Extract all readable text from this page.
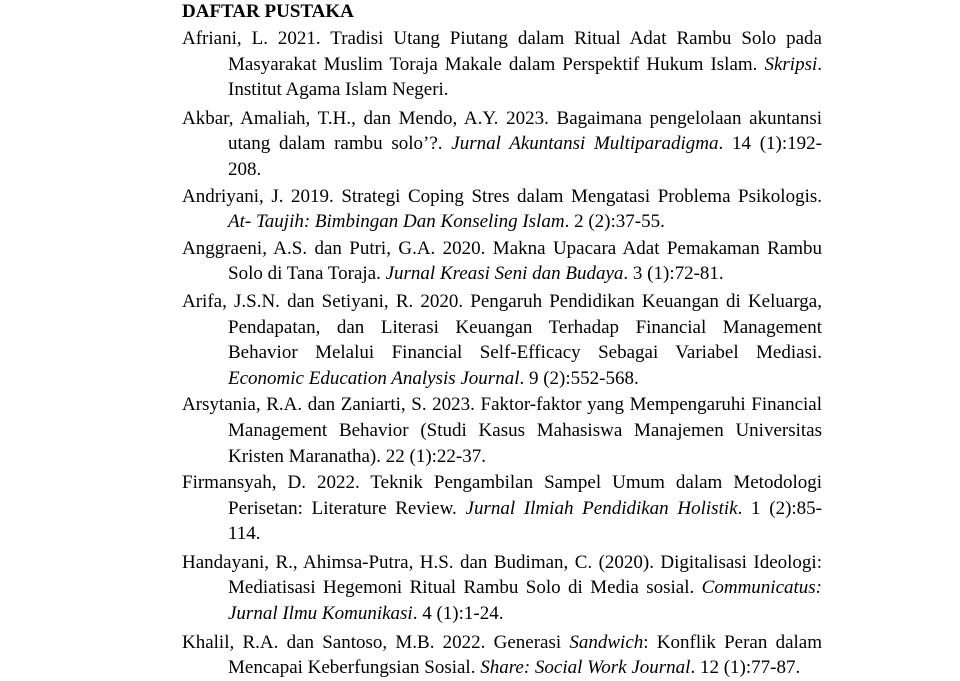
DAFTAR PUSTAKA

Afriani, L. 2021. Tradisi Utang Piutang dalam Ritual Adat Rambu Solo pada Masyarakat Muslim Toraja Makale dalam Perspektif Hukum Islam. Skripsi. Institut Agama Islam Negeri.

Akbar, Amaliah, T.H., dan Mendo, A.Y. 2023. Bagaimana pengelolaan akuntansi utang dalam rambu solo’?. Jurnal Akuntansi Multiparadigma. 14 (1):192-208.

Andriyani, J. 2019. Strategi Coping Stres dalam Mengatasi Problema Psikologis. At- Taujih: Bimbingan Dan Konseling Islam. 2 (2):37-55.

Anggraeni, A.S. dan Putri, G.A. 2020. Makna Upacara Adat Pemakaman Rambu Solo di Tana Toraja. Jurnal Kreasi Seni dan Budaya. 3 (1):72-81.

Arifa, J.S.N. dan Setiyani, R. 2020. Pengaruh Pendidikan Keuangan di Keluarga, Pendapatan, dan Literasi Keuangan Terhadap Financial Management Behavior Melalui Financial Self-Efficacy Sebagai Variabel Mediasi. Economic Education Analysis Journal. 9 (2):552-568.

Arsytania, R.A. dan Zaniarti, S. 2023. Faktor-faktor yang Mempengaruhi Financial Management Behavior (Studi Kasus Mahasiswa Manajemen Universitas Kristen Maranatha). 22 (1):22-37.

Firmansyah, D. 2022. Teknik Pengambilan Sampel Umum dalam Metodologi Perisetan: Literature Review. Jurnal Ilmiah Pendidikan Holistik. 1 (2):85-114.

Handayani, R., Ahimsa-Putra, H.S. dan Budiman, C. (2020). Digitalisasi Ideologi: Mediatisasi Hegemoni Ritual Rambu Solo di Media sosial. Communicatus: Jurnal Ilmu Komunikasi. 4 (1):1-24.

Khalil, R.A. dan Santoso, M.B. 2022. Generasi Sandwich: Konflik Peran dalam Mencapai Keberfungsian Sosial. Share: Social Work Journal. 12 (1):77-87.
